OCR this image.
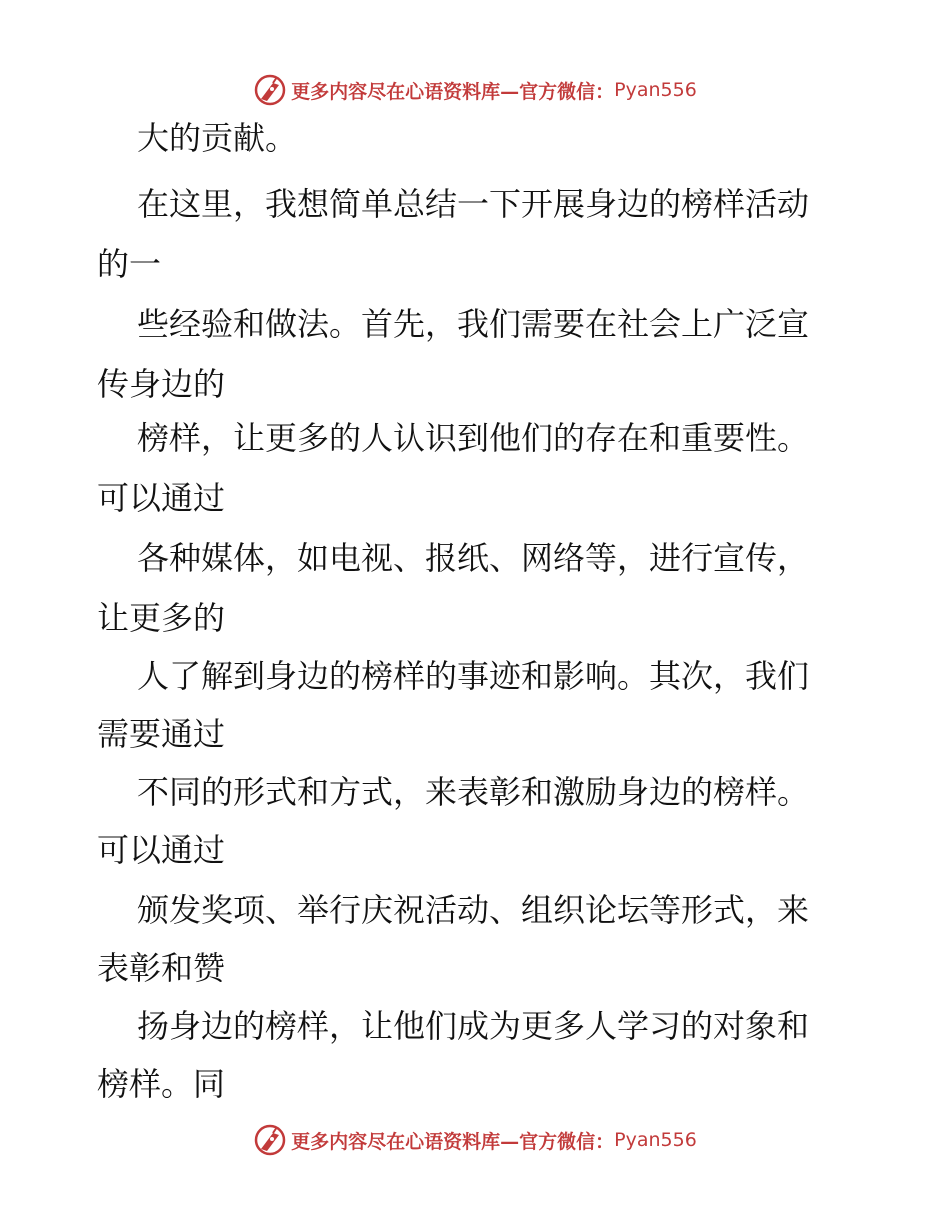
更多内容尽在心语资料库—官方微信： Pyan556
大的贡献。
在这里，我想简单总结一下开展身边的榜样活动
的一
些经验和做法。首先，我们需要在社会上广泛宣
传身边的
榜样，让更多的人认识到他们的存在和重要性。
可以通过
各种媒体，如电视、报纸、网络等，进行宣传，
让更多的
人了解到身边的榜样的事迹和影响。其次，我们
需要通过
不同的形式和方式，来表彰和激励身边的榜样。
可以通过
颁发奖项、举行庆祝活动、组织论坛等形式，来
表彰和赞
扬身边的榜样，让他们成为更多人学习的对象和
榜样。同
更多内容尽在心语资料库—官方微信： Pyan556
